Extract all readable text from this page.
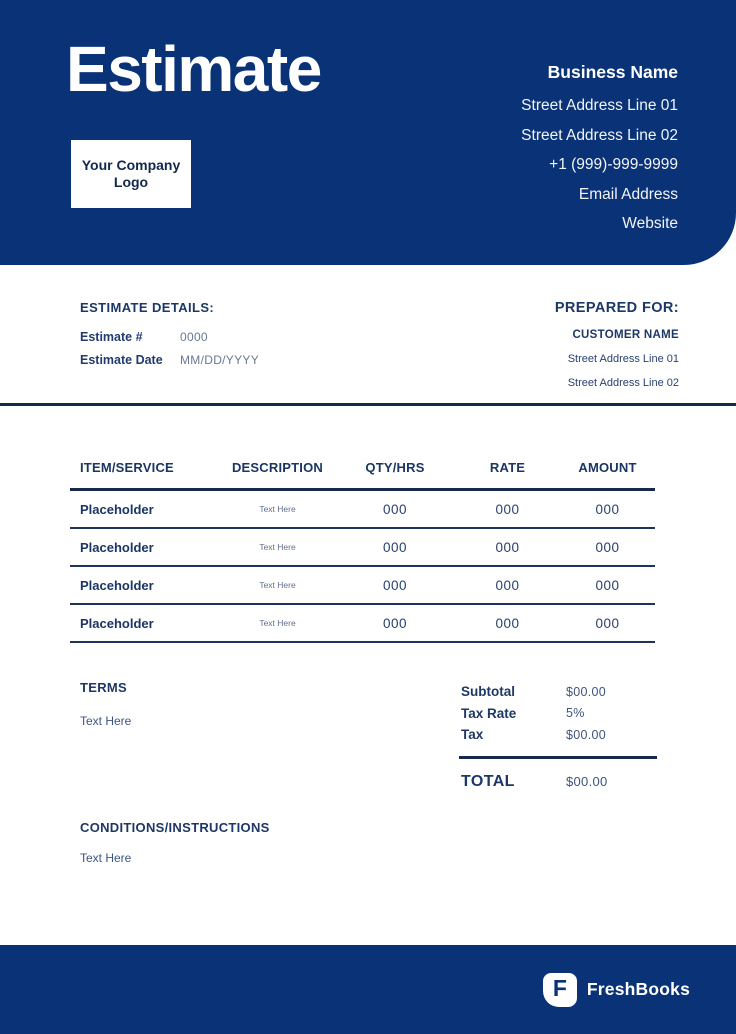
Estimate
Your Company Logo
Business Name
Street Address Line 01
Street Address Line 02
+1 (999)-999-9999
Email Address
Website
ESTIMATE DETAILS:
Estimate #	0000
Estimate Date	MM/DD/YYYY
PREPARED FOR:
CUSTOMER NAME
Street Address Line 01
Street Address Line 02
ITEM/SERVICE	DESCRIPTION	QTY/HRS	RATE	AMOUNT
Placeholder	Text Here	000	000	000
Placeholder	Text Here	000	000	000
Placeholder	Text Here	000	000	000
Placeholder	Text Here	000	000	000
TERMS
Text Here
Subtotal	$00.00
Tax Rate	5%
Tax	$00.00
TOTAL	$00.00
CONDITIONS/INSTRUCTIONS
Text Here
F FreshBooks
